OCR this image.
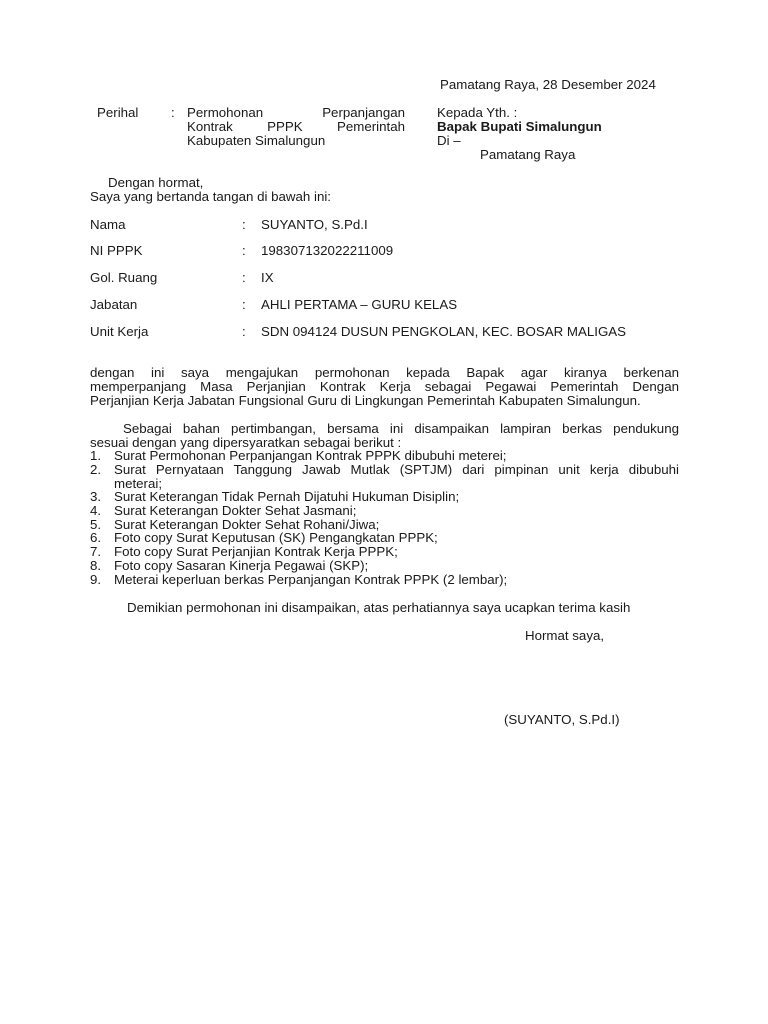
Pamatang Raya, 28 Desember 2024
Perihal : Permohonan Perpanjangan
Kontrak PPPK Pemerintah
Kabupaten Simalungun
Kepada Yth. :
Bapak Bupati Simalungun
Di –
Pamatang Raya
Dengan hormat,
Saya yang bertanda tangan di bawah ini:
Nama	: SUYANTO, S.Pd.I
NI PPPK	: 198307132022211009
Gol. Ruang	: IX
Jabatan	: AHLI PERTAMA – GURU KELAS
Unit Kerja	: SDN 094124 DUSUN PENGKOLAN, KEC. BOSAR MALIGAS
dengan ini saya mengajukan permohonan kepada Bapak agar kiranya berkenan
memperpanjang Masa Perjanjian Kontrak Kerja sebagai Pegawai Pemerintah Dengan
Perjanjian Kerja Jabatan Fungsional Guru di Lingkungan Pemerintah Kabupaten Simalungun.
Sebagai bahan pertimbangan, bersama ini disampaikan lampiran berkas pendukung
sesuai dengan yang dipersyaratkan sebagai berikut :
1. Surat Permohonan Perpanjangan Kontrak PPPK dibubuhi meterei;
2. Surat Pernyataan Tanggung Jawab Mutlak (SPTJM) dari pimpinan unit kerja dibubuhi
meterai;
3. Surat Keterangan Tidak Pernah Dijatuhi Hukuman Disiplin;
4. Surat Keterangan Dokter Sehat Jasmani;
5. Surat Keterangan Dokter Sehat Rohani/Jiwa;
6. Foto copy Surat Keputusan (SK) Pengangkatan PPPK;
7. Foto copy Surat Perjanjian Kontrak Kerja PPPK;
8. Foto copy Sasaran Kinerja Pegawai (SKP);
9. Meterai keperluan berkas Perpanjangan Kontrak PPPK (2 lembar);
Demikian permohonan ini disampaikan, atas perhatiannya saya ucapkan terima kasih
Hormat saya,
(SUYANTO, S.Pd.I)
